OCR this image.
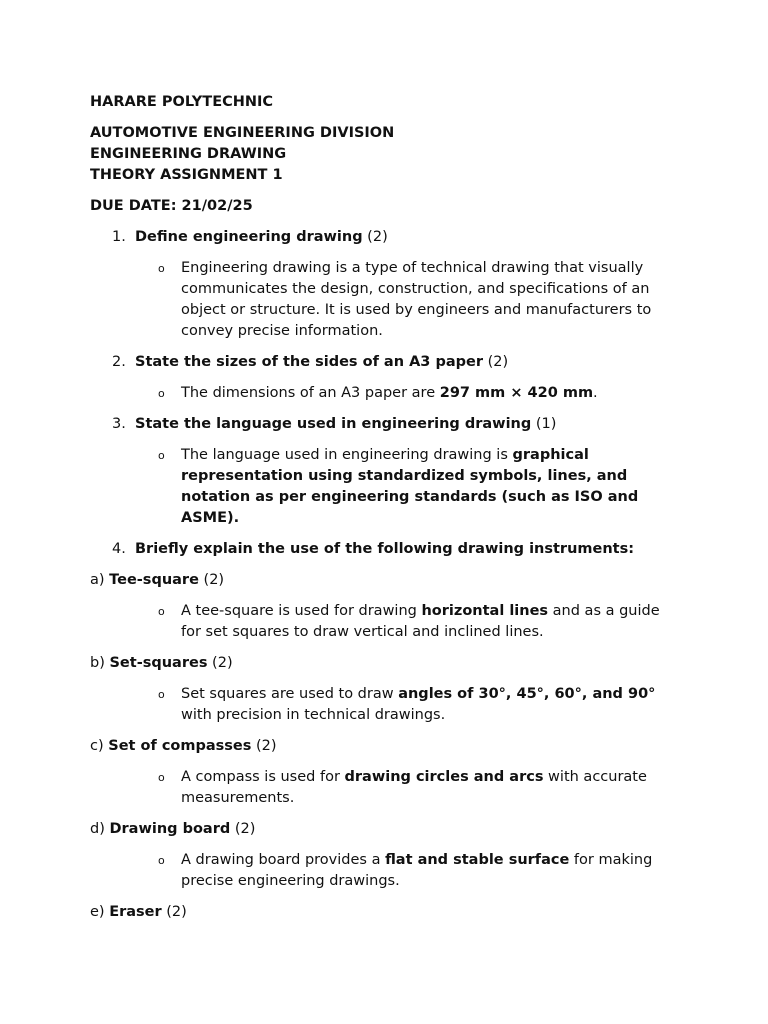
HARARE POLYTECHNIC
AUTOMOTIVE ENGINEERING DIVISION
ENGINEERING DRAWING
THEORY ASSIGNMENT 1
DUE DATE: 21/02/25
1. Define engineering drawing (2)
o Engineering drawing is a type of technical drawing that visually communicates the design, construction, and specifications of an object or structure. It is used by engineers and manufacturers to convey precise information.
2. State the sizes of the sides of an A3 paper (2)
o The dimensions of an A3 paper are 297 mm × 420 mm.
3. State the language used in engineering drawing (1)
o The language used in engineering drawing is graphical representation using standardized symbols, lines, and notation as per engineering standards (such as ISO and ASME).
4. Briefly explain the use of the following drawing instruments:
a) Tee-square (2)
o A tee-square is used for drawing horizontal lines and as a guide for set squares to draw vertical and inclined lines.
b) Set-squares (2)
o Set squares are used to draw angles of 30°, 45°, 60°, and 90° with precision in technical drawings.
c) Set of compasses (2)
o A compass is used for drawing circles and arcs with accurate measurements.
d) Drawing board (2)
o A drawing board provides a flat and stable surface for making precise engineering drawings.
e) Eraser (2)
